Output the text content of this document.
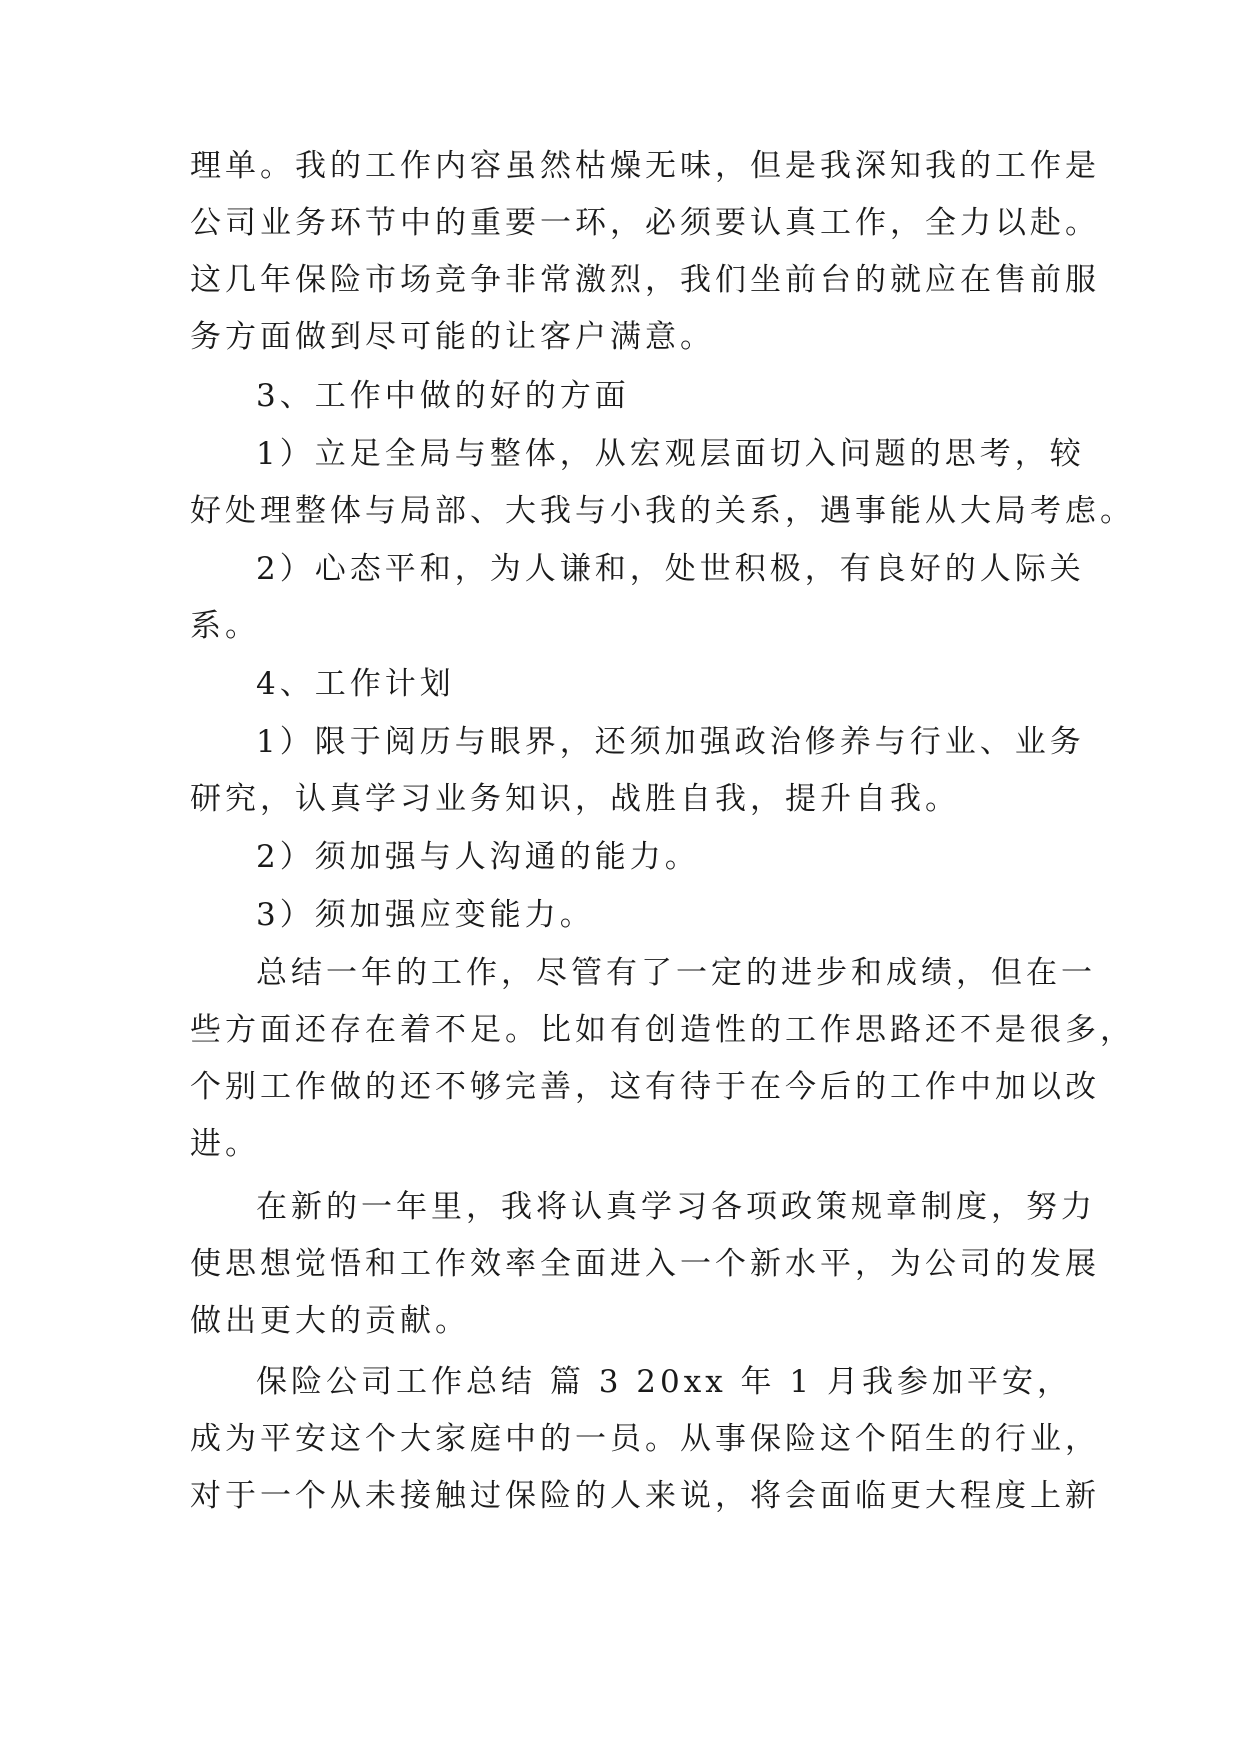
理单。我的工作内容虽然枯燥无味，但是我深知我的工作是

公司业务环节中的重要一环，必须要认真工作，全力以赴。

这几年保险市场竞争非常激烈，我们坐前台的就应在售前服

务方面做到尽可能的让客户满意。

3、工作中做的好的方面

1）立足全局与整体，从宏观层面切入问题的思考，较

好处理整体与局部、大我与小我的关系，遇事能从大局考虑。

2）心态平和，为人谦和，处世积极，有良好的人际关

系。

4、工作计划

1）限于阅历与眼界，还须加强政治修养与行业、业务

研究，认真学习业务知识，战胜自我，提升自我。

2）须加强与人沟通的能力。

3）须加强应变能力。

总结一年的工作，尽管有了一定的进步和成绩，但在一

些方面还存在着不足。比如有创造性的工作思路还不是很多，

个别工作做的还不够完善，这有待于在今后的工作中加以改

进。

在新的一年里，我将认真学习各项政策规章制度，努力

使思想觉悟和工作效率全面进入一个新水平，为公司的发展

做出更大的贡献。

保险公司工作总结 篇 3 20xx 年 1 月我参加平安，

成为平安这个大家庭中的一员。从事保险这个陌生的行业，

对于一个从未接触过保险的人来说，将会面临更大程度上新
